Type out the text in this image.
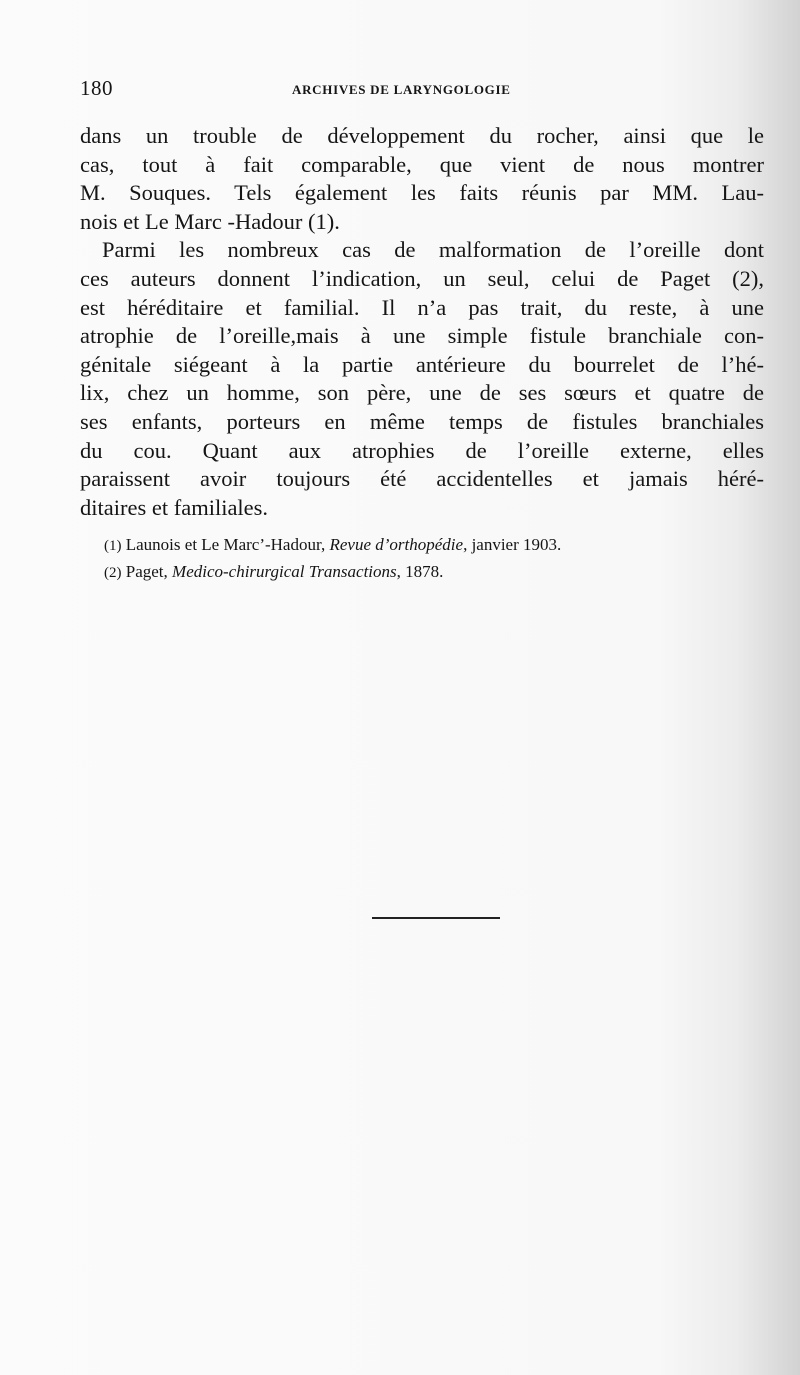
180	ARCHIVES DE LARYNGOLOGIE
dans un trouble de développement du rocher, ainsi que le
cas, tout à fait comparable, que vient de nous montrer
M. Souques. Tels également les faits réunis par MM. Lau-
nois et Le Marc -Hadour (1).
Parmi les nombreux cas de malformation de l’oreille dont
ces auteurs donnent l’indication, un seul, celui de Paget (2),
est héréditaire et familial. Il n’a pas trait, du reste, à une
atrophie de l’oreille,mais à une simple fistule branchiale con-
génitale siégeant à la partie antérieure du bourrelet de l’hé-
lix, chez un homme, son père, une de ses sœurs et quatre de
ses enfants, porteurs en même temps de fistules branchiales
du cou. Quant aux atrophies de l’oreille externe, elles
paraissent avoir toujours été accidentelles et jamais héré-
ditaires et familiales.
(1) Launois et Le Marc’-Hadour, Revue d’orthopédie, janvier 1903.
(2) Paget, Medico-chirurgical Transactions, 1878.
